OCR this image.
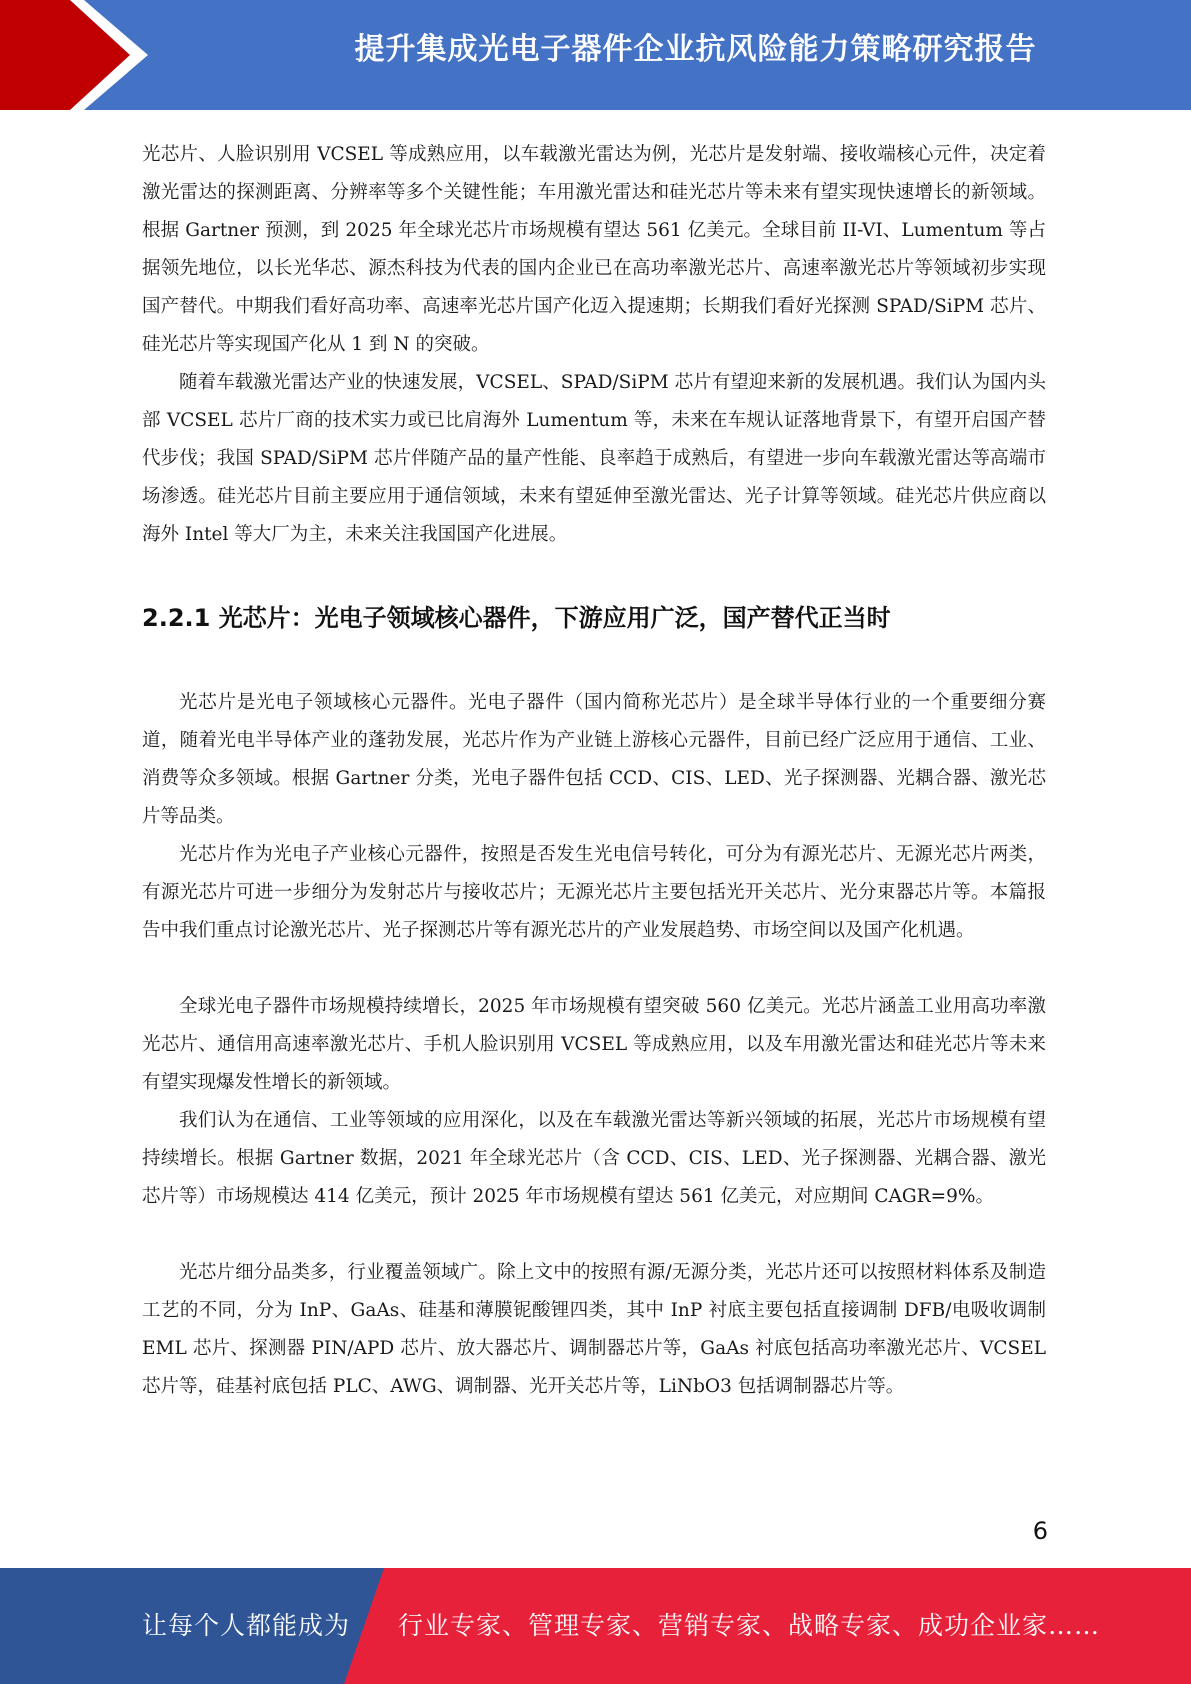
提升集成光电子器件企业抗风险能力策略研究报告

光芯片、人脸识别用 VCSEL 等成熟应用，以车载激光雷达为例，光芯片是发射端、接收端核心元件，决定着激光雷达的探测距离、分辨率等多个关键性能；车用激光雷达和硅光芯片等未来有望实现快速增长的新领域。根据 Gartner 预测，到 2025 年全球光芯片市场规模有望达 561 亿美元。全球目前 II-VI、Lumentum 等占据领先地位，以长光华芯、源杰科技为代表的国内企业已在高功率激光芯片、高速率激光芯片等领域初步实现国产替代。中期我们看好高功率、高速率光芯片国产化迈入提速期；长期我们看好光探测 SPAD/SiPM 芯片、硅光芯片等实现国产化从 1 到 N 的突破。

随着车载激光雷达产业的快速发展，VCSEL、SPAD/SiPM 芯片有望迎来新的发展机遇。我们认为国内头部 VCSEL 芯片厂商的技术实力或已比肩海外 Lumentum 等，未来在车规认证落地背景下，有望开启国产替代步伐；我国 SPAD/SiPM 芯片伴随产品的量产性能、良率趋于成熟后，有望进一步向车载激光雷达等高端市场渗透。硅光芯片目前主要应用于通信领域，未来有望延伸至激光雷达、光子计算等领域。硅光芯片供应商以海外 Intel 等大厂为主，未来关注我国国产化进展。

2.2.1 光芯片：光电子领域核心器件，下游应用广泛，国产替代正当时

光芯片是光电子领域核心元器件。光电子器件（国内简称光芯片）是全球半导体行业的一个重要细分赛道，随着光电半导体产业的蓬勃发展，光芯片作为产业链上游核心元器件，目前已经广泛应用于通信、工业、消费等众多领域。根据 Gartner 分类，光电子器件包括 CCD、CIS、LED、光子探测器、光耦合器、激光芯片等品类。

光芯片作为光电子产业核心元器件，按照是否发生光电信号转化，可分为有源光芯片、无源光芯片两类，有源光芯片可进一步细分为发射芯片与接收芯片；无源光芯片主要包括光开关芯片、光分束器芯片等。本篇报告中我们重点讨论激光芯片、光子探测芯片等有源光芯片的产业发展趋势、市场空间以及国产化机遇。

全球光电子器件市场规模持续增长，2025 年市场规模有望突破 560 亿美元。光芯片涵盖工业用高功率激光芯片、通信用高速率激光芯片、手机人脸识别用 VCSEL 等成熟应用，以及车用激光雷达和硅光芯片等未来有望实现爆发性增长的新领域。

我们认为在通信、工业等领域的应用深化，以及在车载激光雷达等新兴领域的拓展，光芯片市场规模有望持续增长。根据 Gartner 数据，2021 年全球光芯片（含 CCD、CIS、LED、光子探测器、光耦合器、激光芯片等）市场规模达 414 亿美元，预计 2025 年市场规模有望达 561 亿美元，对应期间 CAGR=9%。

光芯片细分品类多，行业覆盖领域广。除上文中的按照有源/无源分类，光芯片还可以按照材料体系及制造工艺的不同，分为 InP、GaAs、硅基和薄膜铌酸锂四类，其中 InP 衬底主要包括直接调制 DFB/电吸收调制 EML 芯片、探测器 PIN/APD 芯片、放大器芯片、调制器芯片等，GaAs 衬底包括高功率激光芯片、VCSEL 芯片等，硅基衬底包括 PLC、AWG、调制器、光开关芯片等，LiNbO3 包括调制器芯片等。

6
让每个人都能成为 行业专家、管理专家、营销专家、战略专家、成功企业家……
